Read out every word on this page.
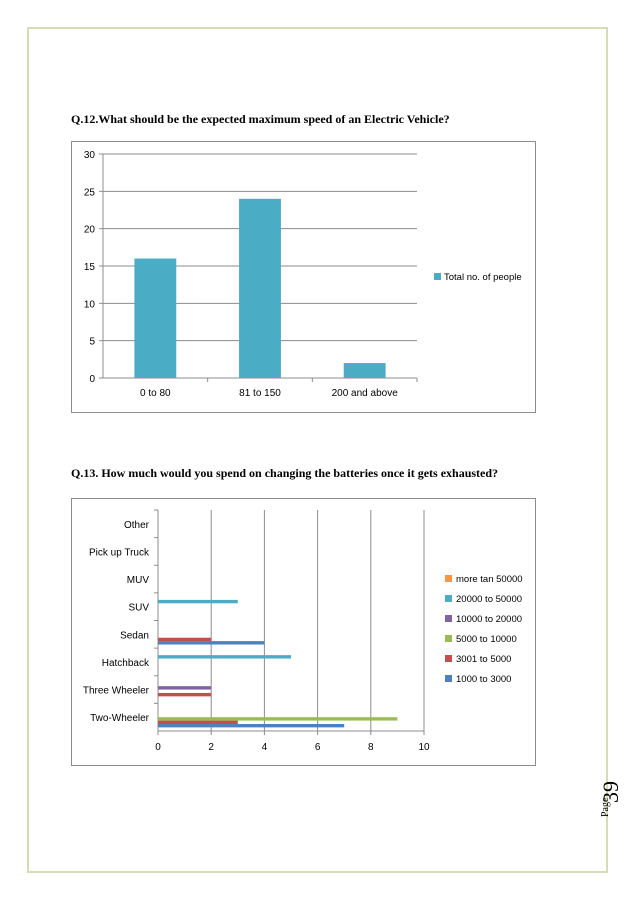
Q.12.What should be the expected maximum speed of an Electric Vehicle?
0
5
10
15
20
25
30
0 to 80	81 to 150	200 and above
Total no. of people
Q.13. How much would you spend on changing the batteries once it gets exhausted?
0	2	4	6	8	10
Two-Wheeler
Three Wheeler
Hatchback
Sedan
SUV
MUV
Pick up Truck
Other
more tan 50000
20000 to 50000
10000 to 20000
5000 to 10000
3001 to 5000
1000 to 3000
Page
39
